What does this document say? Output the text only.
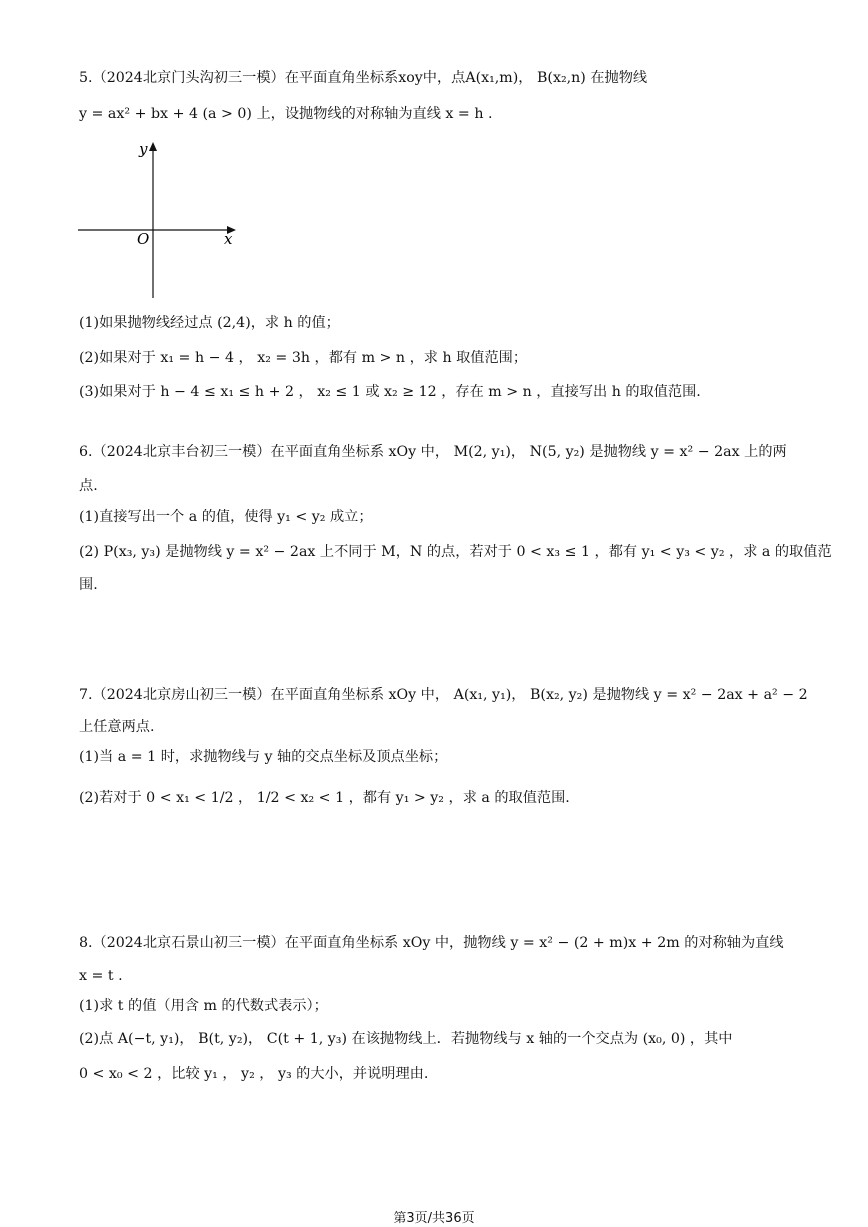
5.（2024北京门头沟初三一模）在平面直角坐标系xoy中，点A(x₁,m)， B(x₂,n) 在抛物线
y = ax² + bx + 4 (a > 0) 上，设抛物线的对称轴为直线 x = h .
y
x
O
(1)如果抛物线经过点 (2,4)，求 h 的值；
(2)如果对于 x₁ = h − 4 ， x₂ = 3h ，都有 m > n ，求 h 取值范围；
(3)如果对于 h − 4 ≤ x₁ ≤ h + 2 ， x₂ ≤ 1 或 x₂ ≥ 12 ，存在 m > n ，直接写出 h 的取值范围.
6.（2024北京丰台初三一模）在平面直角坐标系 xOy 中， M(2, y₁)， N(5, y₂) 是抛物线 y = x² − 2ax 上的两
点.
(1)直接写出一个 a 的值，使得 y₁ < y₂ 成立；
(2) P(x₃, y₃) 是抛物线 y = x² − 2ax 上不同于 M，N 的点，若对于 0 < x₃ ≤ 1 ，都有 y₁ < y₃ < y₂ ，求 a 的取值范
围.
7.（2024北京房山初三一模）在平面直角坐标系 xOy 中， A(x₁, y₁)， B(x₂, y₂) 是抛物线 y = x² − 2ax + a² − 2
上任意两点.
(1)当 a = 1 时，求抛物线与 y 轴的交点坐标及顶点坐标；
(2)若对于 0 < x₁ < 1/2 ， 1/2 < x₂ < 1 ，都有 y₁ > y₂ ，求 a 的取值范围.
8.（2024北京石景山初三一模）在平面直角坐标系 xOy 中，抛物线 y = x² − (2 + m)x + 2m 的对称轴为直线
x = t .
(1)求 t 的值（用含 m 的代数式表示）；
(2)点 A(−t, y₁)， B(t, y₂)， C(t + 1, y₃) 在该抛物线上．若抛物线与 x 轴的一个交点为 (x₀, 0) ，其中
0 < x₀ < 2 ，比较 y₁ ， y₂ ， y₃ 的大小，并说明理由.
第3页/共36页
